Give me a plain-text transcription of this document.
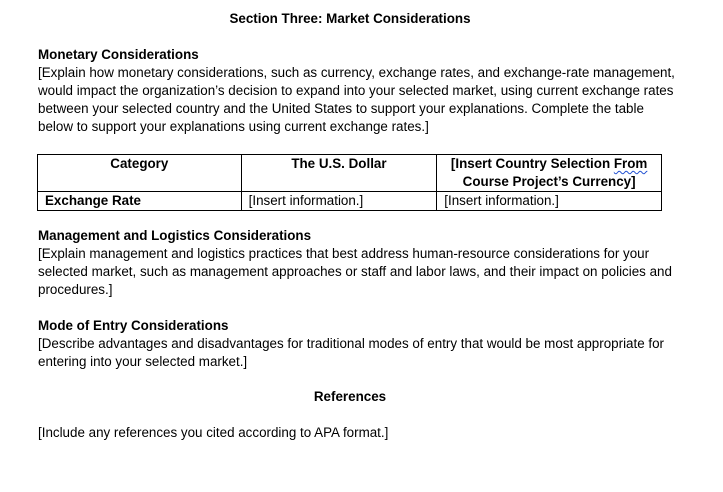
Section Three: Market Considerations

Monetary Considerations

[Explain how monetary considerations, such as currency, exchange rates, and exchange-rate management, would impact the organization’s decision to expand into your selected market, using current exchange rates between your selected country and the United States to support your explanations. Complete the table below to support your explanations using current exchange rates.]

Category	The U.S. Dollar	[Insert Country Selection From
Course Project’s Currency]
Exchange Rate	[Insert information.]	[Insert information.]

Management and Logistics Considerations

[Explain management and logistics practices that best address human-resource considerations for your selected market, such as management approaches or staff and labor laws, and their impact on policies and procedures.]

Mode of Entry Considerations

[Describe advantages and disadvantages for traditional modes of entry that would be most appropriate for entering into your selected market.]

References
[Include any references you cited according to APA format.]
